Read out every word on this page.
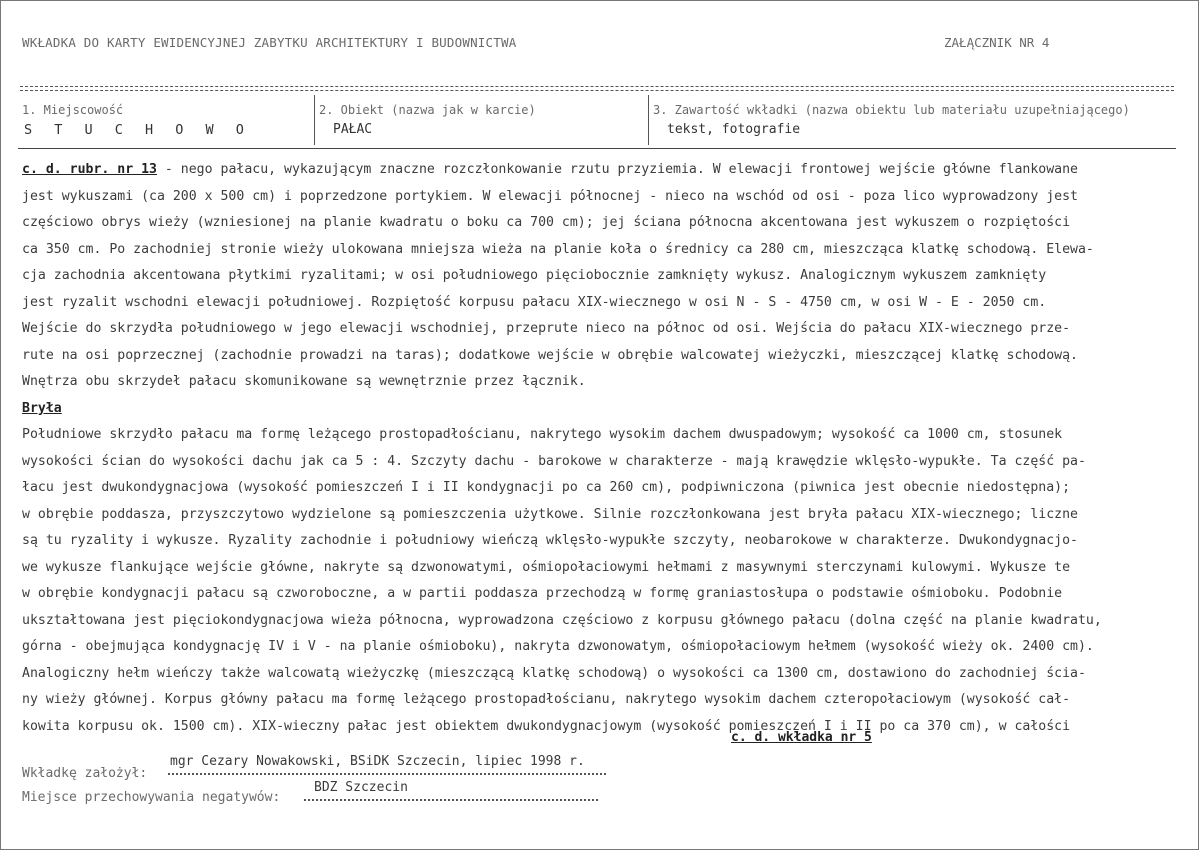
WKŁADKA DO KARTY EWIDENCYJNEJ ZABYTKU ARCHITEKTURY I BUDOWNICTWA	ZAŁĄCZNIK NR 4
1. Miejscowość
S T U C H O W O
2. Obiekt (nazwa jak w karcie)
PAŁAC
3. Zawartość wkładki (nazwa obiektu lub materiału uzupełniającego)
tekst, fotografie
c. d. rubr. nr 13 - nego pałacu, wykazującym znaczne rozczłonkowanie rzutu przyziemia. W elewacji frontowej wejście główne flankowane
jest wykuszami (ca 200 x 500 cm) i poprzedzone portykiem. W elewacji północnej - nieco na wschód od osi - poza lico wyprowadzony jest
częściowo obrys wieży (wzniesionej na planie kwadratu o boku ca 700 cm); jej ściana północna akcentowana jest wykuszem o rozpiętości
ca 350 cm. Po zachodniej stronie wieży ulokowana mniejsza wieża na planie koła o średnicy ca 280 cm, mieszcząca klatkę schodową. Elewa-
cja zachodnia akcentowana płytkimi ryzalitami; w osi południowego pięciobocznie zamknięty wykusz. Analogicznym wykuszem zamknięty
jest ryzalit wschodni elewacji południowej. Rozpiętość korpusu pałacu XIX-wiecznego w osi N - S - 4750 cm, w osi W - E - 2050 cm.
Wejście do skrzydła południowego w jego elewacji wschodniej, przeprute nieco na północ od osi. Wejścia do pałacu XIX-wiecznego prze-
rute na osi poprzecznej (zachodnie prowadzi na taras); dodatkowe wejście w obrębie walcowatej wieżyczki, mieszczącej klatkę schodową.
Wnętrza obu skrzydeł pałacu skomunikowane są wewnętrznie przez łącznik.
Bryła
Południowe skrzydło pałacu ma formę leżącego prostopadłościanu, nakrytego wysokim dachem dwuspadowym; wysokość ca 1000 cm, stosunek
wysokości ścian do wysokości dachu jak ca 5 : 4. Szczyty dachu - barokowe w charakterze - mają krawędzie wklęsło-wypukłe. Ta część pa-
łacu jest dwukondygnacjowa (wysokość pomieszczeń I i II kondygnacji po ca 260 cm), podpiwniczona (piwnica jest obecnie niedostępna);
w obrębie poddasza, przyszczytowo wydzielone są pomieszczenia użytkowe. Silnie rozczłonkowana jest bryła pałacu XIX-wiecznego; liczne
są tu ryzality i wykusze. Ryzality zachodnie i południowy wieńczą wklęsło-wypukłe szczyty, neobarokowe w charakterze. Dwukondygnacjo-
we wykusze flankujące wejście główne, nakryte są dzwonowatymi, ośmiopołaciowymi hełmami z masywnymi sterczynami kulowymi. Wykusze te
w obrębie kondygnacji pałacu są czworoboczne, a w partii poddasza przechodzą w formę graniastosłupa o podstawie ośmioboku. Podobnie
ukształtowana jest pięciokondygnacjowa wieża północna, wyprowadzona częściowo z korpusu głównego pałacu (dolna część na planie kwadratu,
górna - obejmująca kondygnację IV i V - na planie ośmioboku), nakryta dzwonowatym, ośmiopołaciowym hełmem (wysokość wieży ok. 2400 cm).
Analogiczny hełm wieńczy także walcowatą wieżyczkę (mieszczącą klatkę schodową) o wysokości ca 1300 cm, dostawiono do zachodniej ścia-
ny wieży głównej. Korpus główny pałacu ma formę leżącego prostopadłościanu, nakrytego wysokim dachem czteropołaciowym (wysokość cał-
kowita korpusu ok. 1500 cm). XIX-wieczny pałac jest obiektem dwukondygnacjowym (wysokość pomieszczeń I i II po ca 370 cm), w całości
c. d. wkładka nr 5
Wkładkę założył:
mgr Cezary Nowakowski, BSiDK Szczecin, lipiec 1998 r.
Miejsce przechowywania negatywów:
BDZ Szczecin
